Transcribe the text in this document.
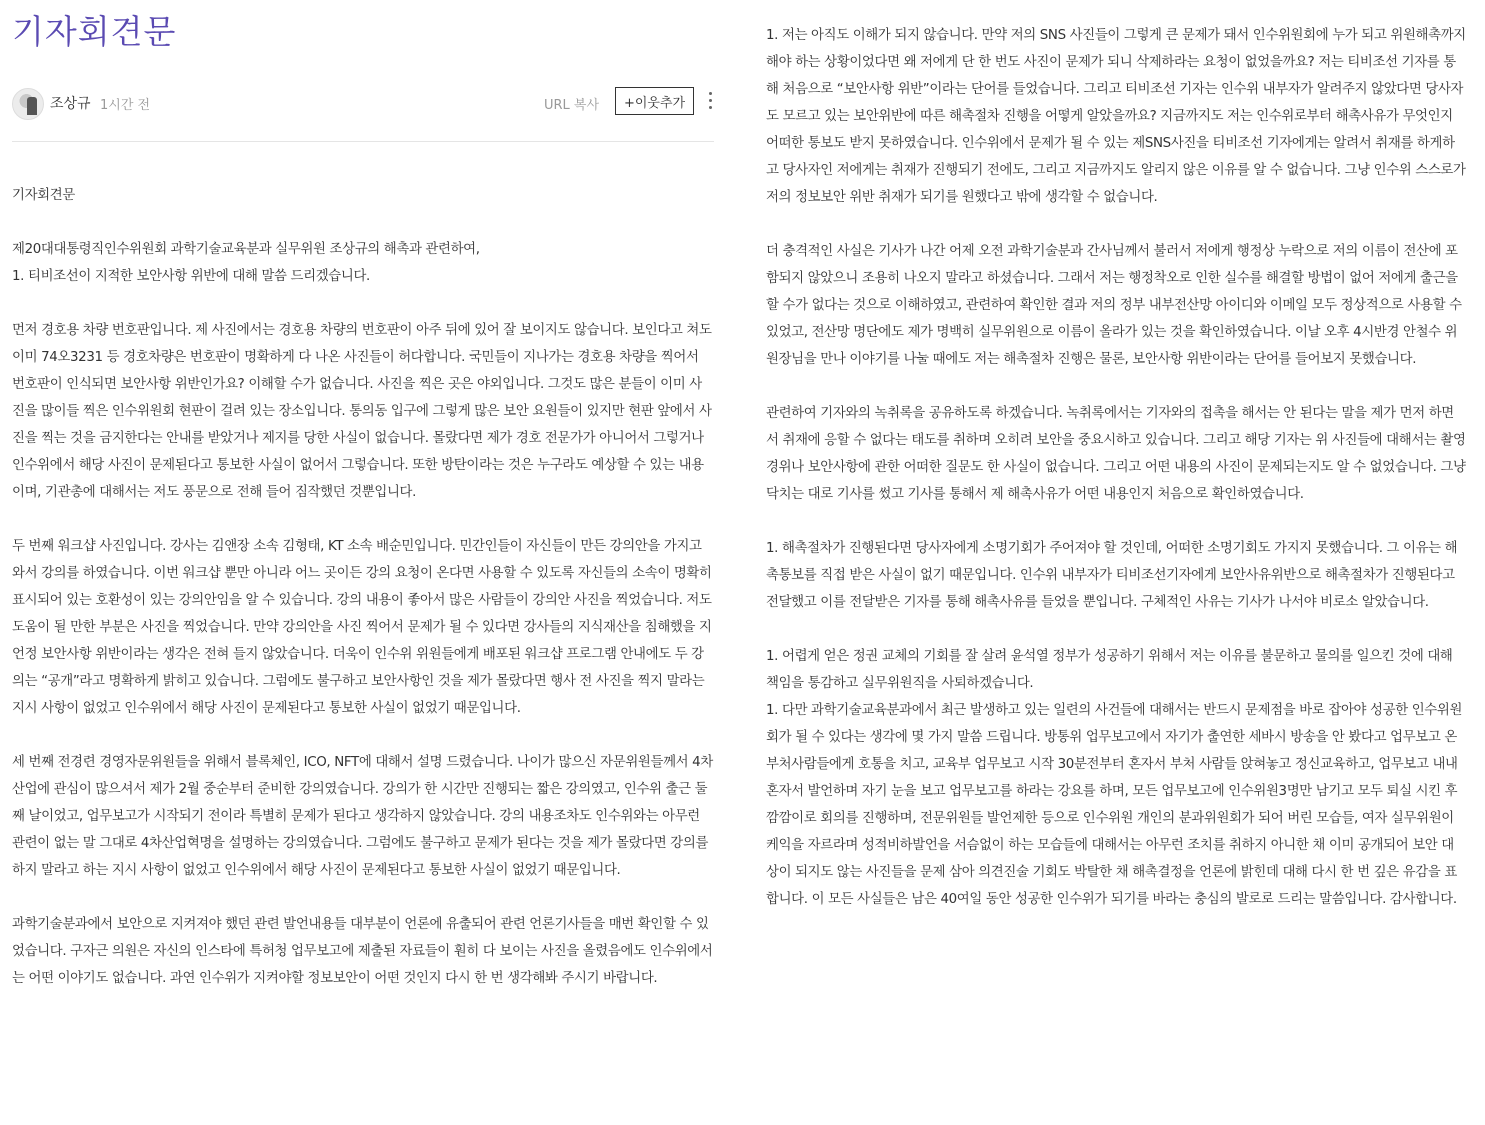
기자회견문
조상규 1시간 전	URL 복사	+이웃추가

기자회견문

제20대대통령직인수위원회 과학기술교육분과 실무위원 조상규의 해촉과 관련하여,

1. 티비조선이 지적한 보안사항 위반에 대해 말씀 드리겠습니다.

먼저 경호용 차량 번호판입니다. 제 사진에서는 경호용 차량의 번호판이 아주 뒤에 있어 잘 보이지도 않습니다. 보인다고 쳐도 이미 74오3231 등 경호차량은 번호판이 명확하게 다 나온 사진들이 허다합니다. 국민들이 지나가는 경호용 차량을 찍어서 번호판이 인식되면 보안사항 위반인가요? 이해할 수가 없습니다. 사진을 찍은 곳은 야외입니다. 그것도 많은 분들이 이미 사진을 많이들 찍은 인수위원회 현판이 걸려 있는 장소입니다. 통의동 입구에 그렇게 많은 보안 요원들이 있지만 현판 앞에서 사진을 찍는 것을 금지한다는 안내를 받았거나 제지를 당한 사실이 없습니다. 몰랐다면 제가 경호 전문가가 아니어서 그렇거나 인수위에서 해당 사진이 문제된다고 통보한 사실이 없어서 그렇습니다. 또한 방탄이라는 것은 누구라도 예상할 수 있는 내용이며, 기관총에 대해서는 저도 풍문으로 전해 들어 짐작했던 것뿐입니다.

두 번째 워크샵 사진입니다. 강사는 김앤장 소속 김형태, KT 소속 배순민입니다. 민간인들이 자신들이 만든 강의안을 가지고 와서 강의를 하였습니다. 이번 워크샵 뿐만 아니라 어느 곳이든 강의 요청이 온다면 사용할 수 있도록 자신들의 소속이 명확히 표시되어 있는 호환성이 있는 강의안임을 알 수 있습니다. 강의 내용이 좋아서 많은 사람들이 강의안 사진을 찍었습니다. 저도 도움이 될 만한 부분은 사진을 찍었습니다. 만약 강의안을 사진 찍어서 문제가 될 수 있다면 강사들의 지식재산을 침해했을 지언정 보안사항 위반이라는 생각은 전혀 들지 않았습니다. 더욱이 인수위 위원들에게 배포된 워크샵 프로그램 안내에도 두 강의는 “공개”라고 명확하게 밝히고 있습니다. 그럼에도 불구하고 보안사항인 것을 제가 몰랐다면 행사 전 사진을 찍지 말라는 지시 사항이 없었고 인수위에서 해당 사진이 문제된다고 통보한 사실이 없었기 때문입니다.

세 번째 전경련 경영자문위원들을 위해서 블록체인, ICO, NFT에 대해서 설명 드렸습니다. 나이가 많으신 자문위원들께서 4차산업에 관심이 많으셔서 제가 2월 중순부터 준비한 강의였습니다. 강의가 한 시간만 진행되는 짧은 강의였고, 인수위 출근 둘째 날이었고, 업무보고가 시작되기 전이라 특별히 문제가 된다고 생각하지 않았습니다. 강의 내용조차도 인수위와는 아무런 관련이 없는 말 그대로 4차산업혁명을 설명하는 강의였습니다. 그럼에도 불구하고 문제가 된다는 것을 제가 몰랐다면 강의를 하지 말라고 하는 지시 사항이 없었고 인수위에서 해당 사진이 문제된다고 통보한 사실이 없었기 때문입니다.

과학기술분과에서 보안으로 지켜져야 했던 관련 발언내용들 대부분이 언론에 유출되어 관련 언론기사들을 매번 확인할 수 있었습니다. 구자근 의원은 자신의 인스타에 특허청 업무보고에 제출된 자료들이 훤히 다 보이는 사진을 올렸음에도 인수위에서는 어떤 이야기도 없습니다. 과연 인수위가 지켜야할 정보보안이 어떤 것인지 다시 한 번 생각해봐 주시기 바랍니다.

1. 저는 아직도 이해가 되지 않습니다. 만약 저의 SNS 사진들이 그렇게 큰 문제가 돼서 인수위원회에 누가 되고 위원해촉까지 해야 하는 상황이었다면 왜 저에게 단 한 번도 사진이 문제가 되니 삭제하라는 요청이 없었을까요? 저는 티비조선 기자를 통해 처음으로 “보안사항 위반”이라는 단어를 들었습니다. 그리고 티비조선 기자는 인수위 내부자가 알려주지 않았다면 당사자도 모르고 있는 보안위반에 따른 해촉절차 진행을 어떻게 알았을까요? 지금까지도 저는 인수위로부터 해촉사유가 무엇인지 어떠한 통보도 받지 못하였습니다. 인수위에서 문제가 될 수 있는 제SNS사진을 티비조선 기자에게는 알려서 취재를 하게하고 당사자인 저에게는 취재가 진행되기 전에도, 그리고 지금까지도 알리지 않은 이유를 알 수 없습니다. 그냥 인수위 스스로가 저의 정보보안 위반 취재가 되기를 원했다고 밖에 생각할 수 없습니다.

더 충격적인 사실은 기사가 나간 어제 오전 과학기술분과 간사님께서 불러서 저에게 행정상 누락으로 저의 이름이 전산에 포함되지 않았으니 조용히 나오지 말라고 하셨습니다. 그래서 저는 행정착오로 인한 실수를 해결할 방법이 없어 저에게 출근을 할 수가 없다는 것으로 이해하였고, 관련하여 확인한 결과 저의 정부 내부전산망 아이디와 이메일 모두 정상적으로 사용할 수 있었고, 전산망 명단에도 제가 명백히 실무위원으로 이름이 올라가 있는 것을 확인하였습니다. 이날 오후 4시반경 안철수 위원장님을 만나 이야기를 나눌 때에도 저는 해촉절차 진행은 물론, 보안사항 위반이라는 단어를 들어보지 못했습니다.

관련하여 기자와의 녹취록을 공유하도록 하겠습니다. 녹취록에서는 기자와의 접촉을 해서는 안 된다는 말을 제가 먼저 하면서 취재에 응할 수 없다는 태도를 취하며 오히려 보안을 중요시하고 있습니다. 그리고 해당 기자는 위 사진들에 대해서는 촬영 경위나 보안사항에 관한 어떠한 질문도 한 사실이 없습니다. 그리고 어떤 내용의 사진이 문제되는지도 알 수 없었습니다. 그냥 닥치는 대로 기사를 썼고 기사를 통해서 제 해촉사유가 어떤 내용인지 처음으로 확인하였습니다.

1. 해촉절차가 진행된다면 당사자에게 소명기회가 주어져야 할 것인데, 어떠한 소명기회도 가지지 못했습니다. 그 이유는 해촉통보를 직접 받은 사실이 없기 때문입니다. 인수위 내부자가 티비조선기자에게 보안사유위반으로 해촉절차가 진행된다고 전달했고 이를 전달받은 기자를 통해 해촉사유를 들었을 뿐입니다. 구체적인 사유는 기사가 나서야 비로소 알았습니다.

1. 어렵게 얻은 정권 교체의 기회를 잘 살려 윤석열 정부가 성공하기 위해서 저는 이유를 불문하고 물의를 일으킨 것에 대해 책임을 통감하고 실무위원직을 사퇴하겠습니다.

1. 다만 과학기술교육분과에서 최근 발생하고 있는 일련의 사건들에 대해서는 반드시 문제점을 바로 잡아야 성공한 인수위원회가 될 수 있다는 생각에 몇 가지 말씀 드립니다. 방통위 업무보고에서 자기가 출연한 세바시 방송을 안 봤다고 업무보고 온 부처사람들에게 호통을 치고, 교육부 업무보고 시작 30분전부터 혼자서 부처 사람들 앉혀놓고 정신교육하고, 업무보고 내내 혼자서 발언하며 자기 눈을 보고 업무보고를 하라는 강요를 하며, 모든 업무보고에 인수위원3명만 남기고 모두 퇴실 시킨 후 깜깜이로 회의를 진행하며, 전문위원들 발언제한 등으로 인수위원 개인의 분과위원회가 되어 버린 모습들, 여자 실무위원이 케익을 자르라며 성적비하발언을 서슴없이 하는 모습들에 대해서는 아무런 조치를 취하지 아니한 채 이미 공개되어 보안 대상이 되지도 않는 사진들을 문제 삼아 의견진술 기회도 박탈한 채 해촉결정을 언론에 밝힌데 대해 다시 한 번 깊은 유감을 표합니다. 이 모든 사실들은 남은 40여일 동안 성공한 인수위가 되기를 바라는 충심의 발로로 드리는 말씀입니다. 감사합니다.
